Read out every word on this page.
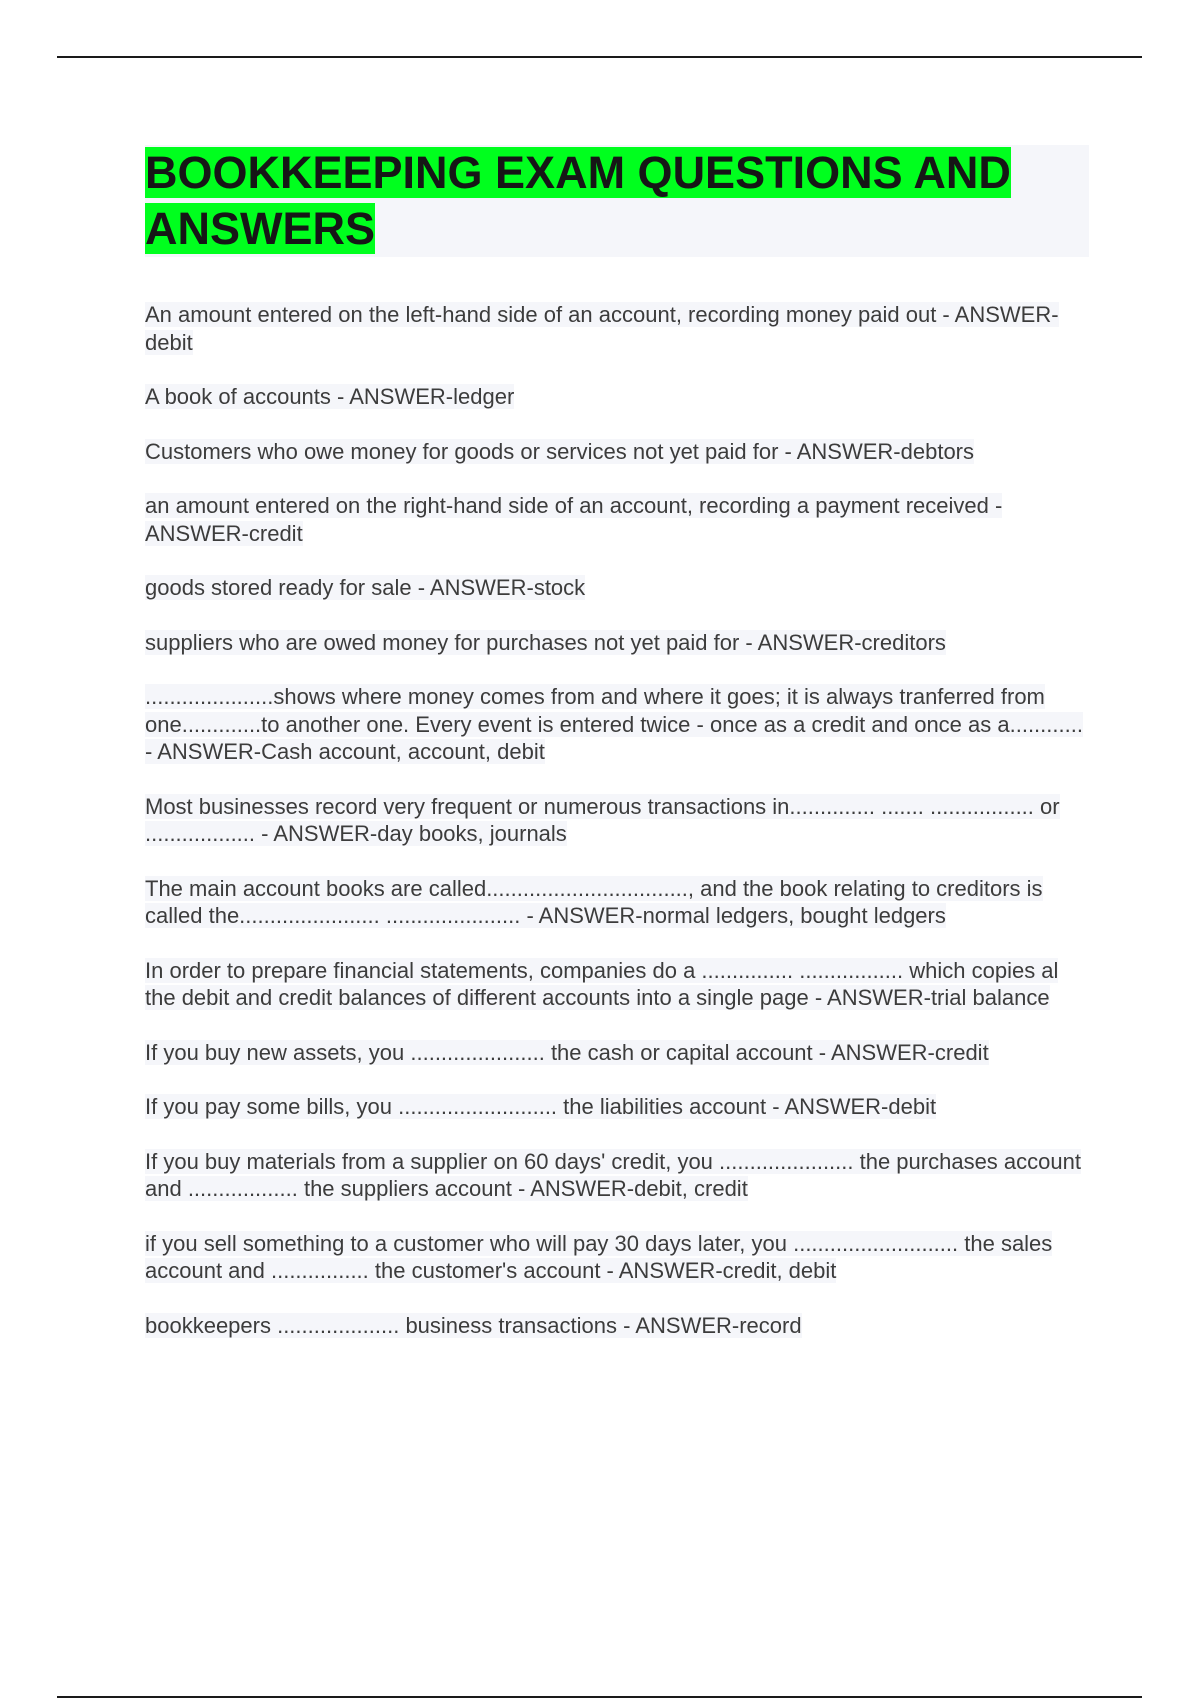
BOOKKEEPING EXAM QUESTIONS AND ANSWERS
An amount entered on the left-hand side of an account, recording money paid out - ANSWER-debit
A book of accounts - ANSWER-ledger
Customers who owe money for goods or services not yet paid for - ANSWER-debtors
an amount entered on the right-hand side of an account, recording a payment received - ANSWER-credit
goods stored ready for sale - ANSWER-stock
suppliers who are owed money for purchases not yet paid for - ANSWER-creditors
.....................shows where money comes from and where it goes; it is always tranferred from one.............to another one. Every event is entered twice - once as a credit and once as a............ - ANSWER-Cash account, account, debit
Most businesses record very frequent or numerous transactions in.............. ....... ................. or .................. - ANSWER-day books, journals
The main account books are called................................., and the book relating to creditors is called the....................... ...................... - ANSWER-normal ledgers, bought ledgers
In order to prepare financial statements, companies do a ............... ................. which copies al the debit and credit balances of different accounts into a single page - ANSWER-trial balance
If you buy new assets, you ...................... the cash or capital account - ANSWER-credit
If you pay some bills, you .......................... the liabilities account - ANSWER-debit
If you buy materials from a supplier on 60 days' credit, you ...................... the purchases account and .................. the suppliers account - ANSWER-debit, credit
if you sell something to a customer who will pay 30 days later, you ........................... the sales account and ................ the customer's account - ANSWER-credit, debit
bookkeepers .................... business transactions - ANSWER-record
